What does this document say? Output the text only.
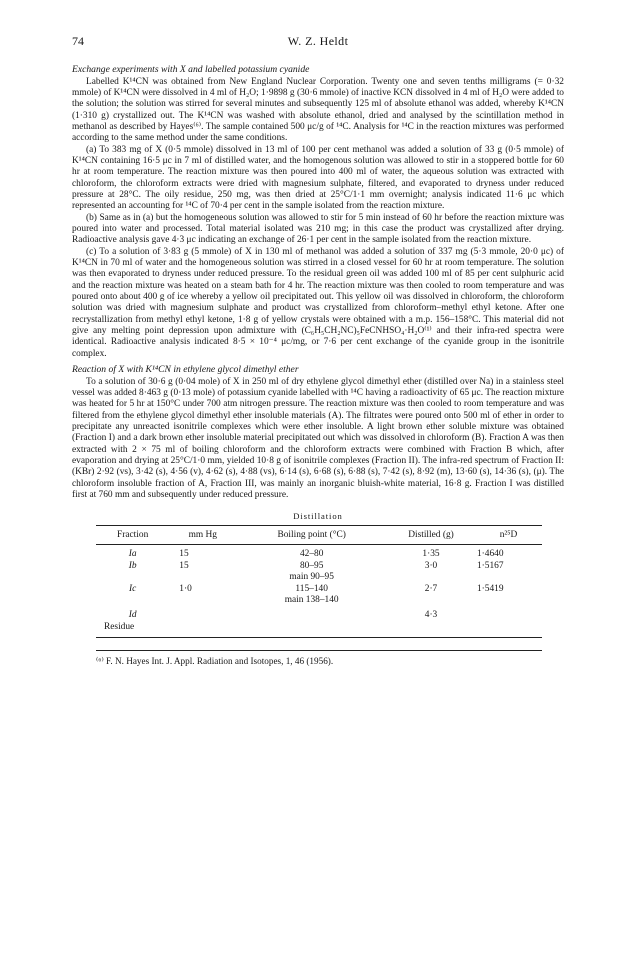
74	W. Z. Heldt
Exchange experiments with X and labelled potassium cyanide

Labelled K¹⁴CN was obtained from New England Nuclear Corporation. Twenty one and seven tenths milligrams (= 0·32 mmole) of K¹⁴CN were dissolved in 4 ml of H₂O; 1·9898 g (30·6 mmole) of inactive KCN dissolved in 4 ml of H₂O were added to the solution; the solution was stirred for several minutes and subsequently 125 ml of absolute ethanol was added, whereby K¹⁴CN (1·310 g) crystallized out. The K¹⁴CN was washed with absolute ethanol, dried and analysed by the scintillation method in methanol as described by Hayes⁽⁶⁾. The sample contained 500 μc/g of ¹⁴C. Analysis for ¹⁴C in the reaction mixtures was performed according to the same method under the same conditions.

(a) To 383 mg of X (0·5 mmole) dissolved in 13 ml of 100 per cent methanol was added a solution of 33 g (0·5 mmole) of K¹⁴CN containing 16·5 μc in 7 ml of distilled water, and the homogenous solution was allowed to stir in a stoppered bottle for 60 hr at room temperature. The reaction mixture was then poured into 400 ml of water, the aqueous solution was extracted with chloroform, the chloroform extracts were dried with magnesium sulphate, filtered, and evaporated to dryness under reduced pressure at 28°C. The oily residue, 250 mg, was then dried at 25°C/1·1 mm overnight; analysis indicated 11·6 μc which represented an accounting for ¹⁴C of 70·4 per cent in the sample isolated from the reaction mixture.

(b) Same as in (a) but the homogeneous solution was allowed to stir for 5 min instead of 60 hr before the reaction mixture was poured into water and processed. Total material isolated was 210 mg; in this case the product was crystallized after drying. Radioactive analysis gave 4·3 μc indicating an exchange of 26·1 per cent in the sample isolated from the reaction mixture.

(c) To a solution of 3·83 g (5 mmole) of X in 130 ml of methanol was added a solution of 337 mg (5·3 mmole, 20·0 μc) of K¹⁴CN in 70 ml of water and the homogeneous solution was stirred in a closed vessel for 60 hr at room temperature. The solution was then evaporated to dryness under reduced pressure. To the residual green oil was added 100 ml of 85 per cent sulphuric acid and the reaction mixture was heated on a steam bath for 4 hr. The reaction mixture was then cooled to room temperature and was poured onto about 400 g of ice whereby a yellow oil precipitated out. This yellow oil was dissolved in chloroform, the chloroform solution was dried with magnesium sulphate and product was crystallized from chloroform–methyl ethyl ketone. After one recrystallization from methyl ethyl ketone, 1·8 g of yellow crystals were obtained with a m.p. 156–158°C. This material did not give any melting point depression upon admixture with (C₆H₅CH₂NC)₅FeCNHSO₄·H₂O⁽¹⁾ and their infra-red spectra were identical. Radioactive analysis indicated 8·5 × 10⁻⁴ μc/mg, or 7·6 per cent exchange of the cyanide group in the isonitrile complex.

Reaction of X with K¹⁴CN in ethylene glycol dimethyl ether

To a solution of 30·6 g (0·04 mole) of X in 250 ml of dry ethylene glycol dimethyl ether (distilled over Na) in a stainless steel vessel was added 8·463 g (0·13 mole) of potassium cyanide labelled with ¹⁴C having a radioactivity of 65 μc. The reaction mixture was heated for 5 hr at 150°C under 700 atm nitrogen pressure. The reaction mixture was then cooled to room temperature and was filtered from the ethylene glycol dimethyl ether insoluble materials (A). The filtrates were poured onto 500 ml of ether in order to precipitate any unreacted isonitrile complexes which were ether insoluble. A light brown ether soluble mixture was obtained (Fraction I) and a dark brown ether insoluble material precipitated out which was dissolved in chloroform (B). Fraction A was then extracted with 2 × 75 ml of boiling chloroform and the chloroform extracts were combined with Fraction B which, after evaporation and drying at 25°C/1·0 mm, yielded 10·8 g of isonitrile complexes (Fraction II). The infra-red spectrum of Fraction II: (KBr) 2·92 (vs), 3·42 (s), 4·56 (v), 4·62 (s), 4·88 (vs), 6·14 (s), 6·68 (s), 6·88 (s), 7·42 (s), 8·92 (m), 13·60 (s), 14·36 (s), (μ). The chloroform insoluble fraction of A, Fraction III, was mainly an inorganic bluish-white material, 16·8 g. Fraction I was distilled first at 760 mm and subsequently under reduced pressure.

Distillation
Fraction	mm Hg	Boiling point (°C)	Distilled (g)	n²⁵D
Ia	15	42–80	1·35	1·4640
Ib	15	80–95	3·0	1·5167
		main 90–95		
Ic	1·0	115–140	2·7	1·5419
		main 138–140		
Id			4·3	
Residue				
⁽⁶⁾ F. N. Hayes Int. J. Appl. Radiation and Isotopes, 1, 46 (1956).
